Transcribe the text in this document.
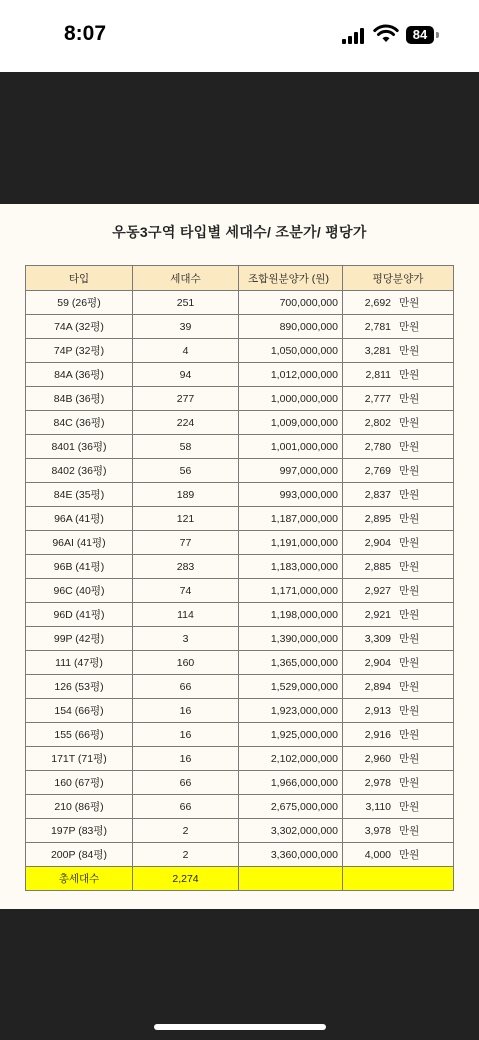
8:07	84
우동3구역 타입별 세대수/ 조분가/ 평당가
타입	세대수	조합원분양가 (원)	평당분양가
59 (26평)	251	700,000,000	2,692 만원
74A (32평)	39	890,000,000	2,781 만원
74P (32평)	4	1,050,000,000	3,281 만원
84A (36평)	94	1,012,000,000	2,811 만원
84B (36평)	277	1,000,000,000	2,777 만원
84C (36평)	224	1,009,000,000	2,802 만원
8401 (36평)	58	1,001,000,000	2,780 만원
8402 (36평)	56	997,000,000	2,769 만원
84E (35평)	189	993,000,000	2,837 만원
96A (41평)	121	1,187,000,000	2,895 만원
96AI (41평)	77	1,191,000,000	2,904 만원
96B (41평)	283	1,183,000,000	2,885 만원
96C (40평)	74	1,171,000,000	2,927 만원
96D (41평)	114	1,198,000,000	2,921 만원
99P (42평)	3	1,390,000,000	3,309 만원
111 (47평)	160	1,365,000,000	2,904 만원
126 (53평)	66	1,529,000,000	2,894 만원
154 (66평)	16	1,923,000,000	2,913 만원
155 (66평)	16	1,925,000,000	2,916 만원
171T (71평)	16	2,102,000,000	2,960 만원
160 (67평)	66	1,966,000,000	2,978 만원
210 (86평)	66	2,675,000,000	3,110 만원
197P (83평)	2	3,302,000,000	3,978 만원
200P (84평)	2	3,360,000,000	4,000 만원
총세대수	2,274		
